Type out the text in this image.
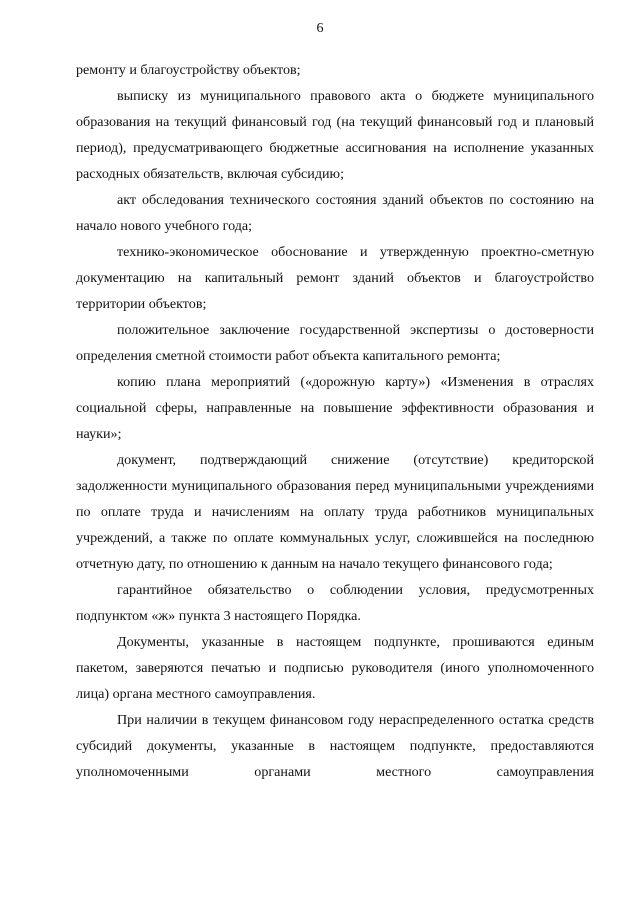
6

ремонту и благоустройству объектов;

выписку из муниципального правового акта о бюджете муниципального образования на текущий финансовый год (на текущий финансовый год и плановый период), предусматривающего бюджетные ассигнования на исполнение указанных расходных обязательств, включая субсидию;

акт обследования технического состояния зданий объектов по состоянию на начало нового учебного года;

технико-экономическое обоснование и утвержденную проектно-сметную документацию на капитальный ремонт зданий объектов и благоустройство территории объектов;

положительное заключение государственной экспертизы о достоверности определения сметной стоимости работ объекта капитального ремонта;

копию плана мероприятий («дорожную карту») «Изменения в отраслях социальной сферы, направленные на повышение эффективности образования и науки»;

документ, подтверждающий снижение (отсутствие) кредиторской задолженности муниципального образования перед муниципальными учреждениями по оплате труда и начислениям на оплату труда работников муниципальных учреждений, а также по оплате коммунальных услуг, сложившейся на последнюю отчетную дату, по отношению к данным на начало текущего финансового года;

гарантийное обязательство о соблюдении условия, предусмотренных подпунктом «ж» пункта 3 настоящего Порядка.

Документы, указанные в настоящем подпункте, прошиваются единым пакетом, заверяются печатью и подписью руководителя (иного уполномоченного лица) органа местного самоуправления.

При наличии в текущем финансовом году нераспределенного остатка средств субсидий документы, указанные в настоящем подпункте, предоставляются уполномоченными органами местного самоуправления
